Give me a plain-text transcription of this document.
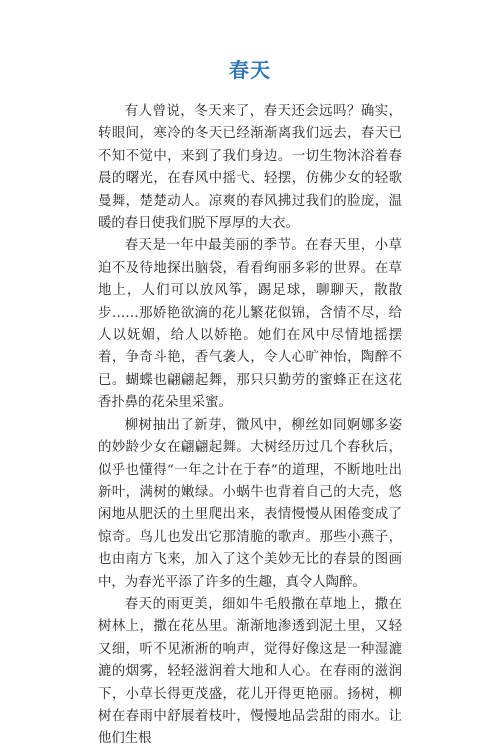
春天

有人曾说，冬天来了，春天还会远吗？确实，转眼间，寒冷的冬天已经渐渐离我们远去，春天已不知不觉中，来到了我们身边。一切生物沐浴着春晨的曙光，在春风中摇弋、轻摆，仿佛少女的轻歌曼舞，楚楚动人。凉爽的春风拂过我们的脸庞，温暖的春日使我们脱下厚厚的大衣。

春天是一年中最美丽的季节。在春天里，小草迫不及待地探出脑袋，看看绚丽多彩的世界。在草地上，人们可以放风筝，踢足球，聊聊天，散散步……那娇艳欲滴的花儿繁花似锦，含情不尽，给人以妩媚，给人以娇艳。她们在风中尽情地摇摆着，争奇斗艳，香气袭人，令人心旷神怡，陶醉不已。蝴蝶也翩翩起舞，那只只勤劳的蜜蜂正在这花香扑鼻的花朵里采蜜。

柳树抽出了新芽，微风中，柳丝如同婀娜多姿的妙龄少女在翩翩起舞。大树经历过几个春秋后，似乎也懂得“一年之计在于春”的道理，不断地吐出新叶，满树的嫩绿。小蜗牛也背着自己的大壳，悠闲地从肥沃的土里爬出来，表情慢慢从困倦变成了惊奇。鸟儿也发出它那清脆的歌声。那些小燕子，也由南方飞来，加入了这个美妙无比的春景的图画中，为春光平添了许多的生趣，真令人陶醉。

春天的雨更美，细如牛毛般撒在草地上，撒在树林上，撒在花丛里。渐渐地渗透到泥土里，又轻又细，听不见淅淅的响声，觉得好像这是一种湿漉漉的烟雾，轻轻滋润着大地和人心。在春雨的滋润下，小草长得更茂盛，花儿开得更艳丽。扬树，柳树在春雨中舒展着枝叶，慢慢地品尝甜的雨水。让他们生根
